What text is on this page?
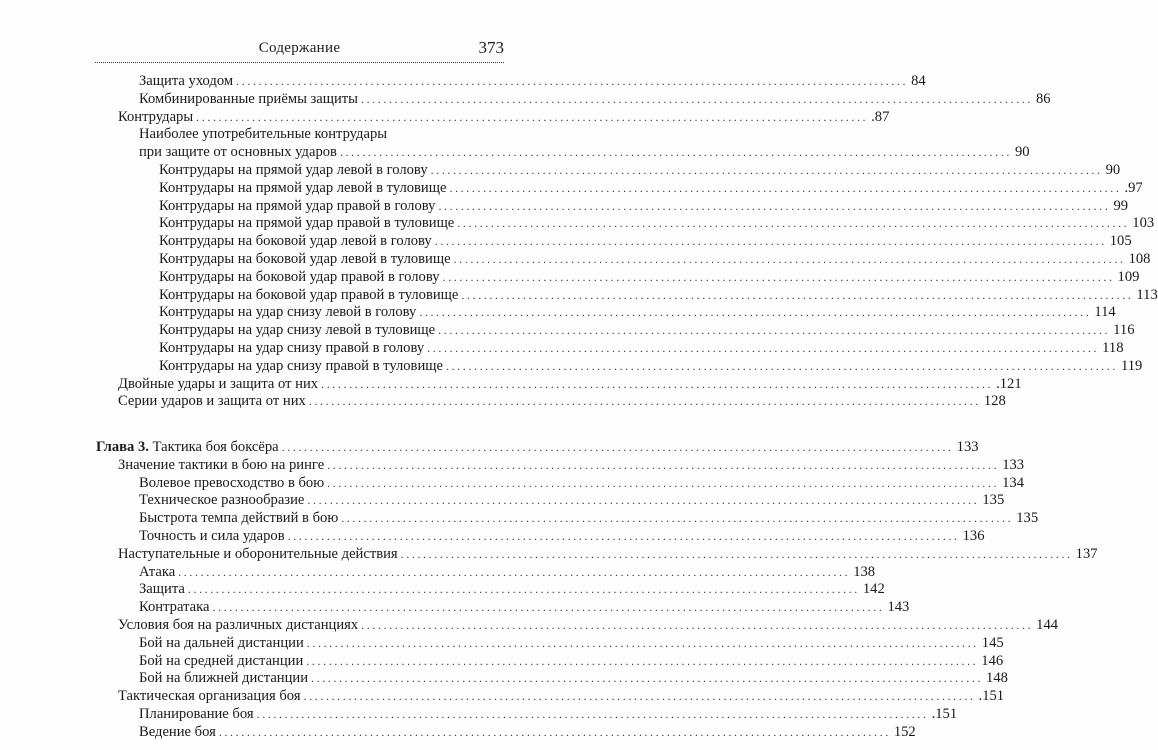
Содержание	373
Защита уходом ........................................................................................................................ 84
Комбинированные приёмы защиты ........................................................................................................................ 86
Контрудары ........................................................................................................................ .87
Наиболее употребительные контрудары
при защите от основных ударов ........................................................................................................................ 90
Контрудары на прямой удар левой в голову ........................................................................................................................ 90
Контрудары на прямой удар левой в туловище ........................................................................................................................ .97
Контрудары на прямой удар правой в голову ........................................................................................................................ 99
Контрудары на прямой удар правой в туловище ........................................................................................................................ 103
Контрудары на боковой удар левой в голову ........................................................................................................................ 105
Контрудары на боковой удар левой в туловище ........................................................................................................................ 108
Контрудары на боковой удар правой в голову ........................................................................................................................ 109
Контрудары на боковой удар правой в туловище ........................................................................................................................ 113
Контрудары на удар снизу левой в голову ........................................................................................................................ 114
Контрудары на удар снизу левой в туловище ........................................................................................................................ 116
Контрудары на удар снизу правой в голову ........................................................................................................................ 118
Контрудары на удар снизу правой в туловище ........................................................................................................................ 119
Двойные удары и защита от них ........................................................................................................................ .121
Серии ударов и защита от них ........................................................................................................................ 128
Глава 3. Тактика боя боксёра ........................................................................................................................ 133
Значение тактики в бою на ринге ........................................................................................................................ 133
Волевое превосходство в бою ........................................................................................................................ 134
Техническое разнообразие ........................................................................................................................ 135
Быстрота темпа действий в бою ........................................................................................................................ 135
Точность и сила ударов ........................................................................................................................ 136
Наступательные и оборонительные действия ........................................................................................................................ 137
Атака ........................................................................................................................ 138
Защита ........................................................................................................................ 142
Контратака ........................................................................................................................ 143
Условия боя на различных дистанциях ........................................................................................................................ 144
Бой на дальней дистанции ........................................................................................................................ 145
Бой на средней дистанции ........................................................................................................................ 146
Бой на ближней дистанции ........................................................................................................................ 148
Тактическая организация боя ........................................................................................................................ .151
Планирование боя ........................................................................................................................ .151
Ведение боя ........................................................................................................................ 152
